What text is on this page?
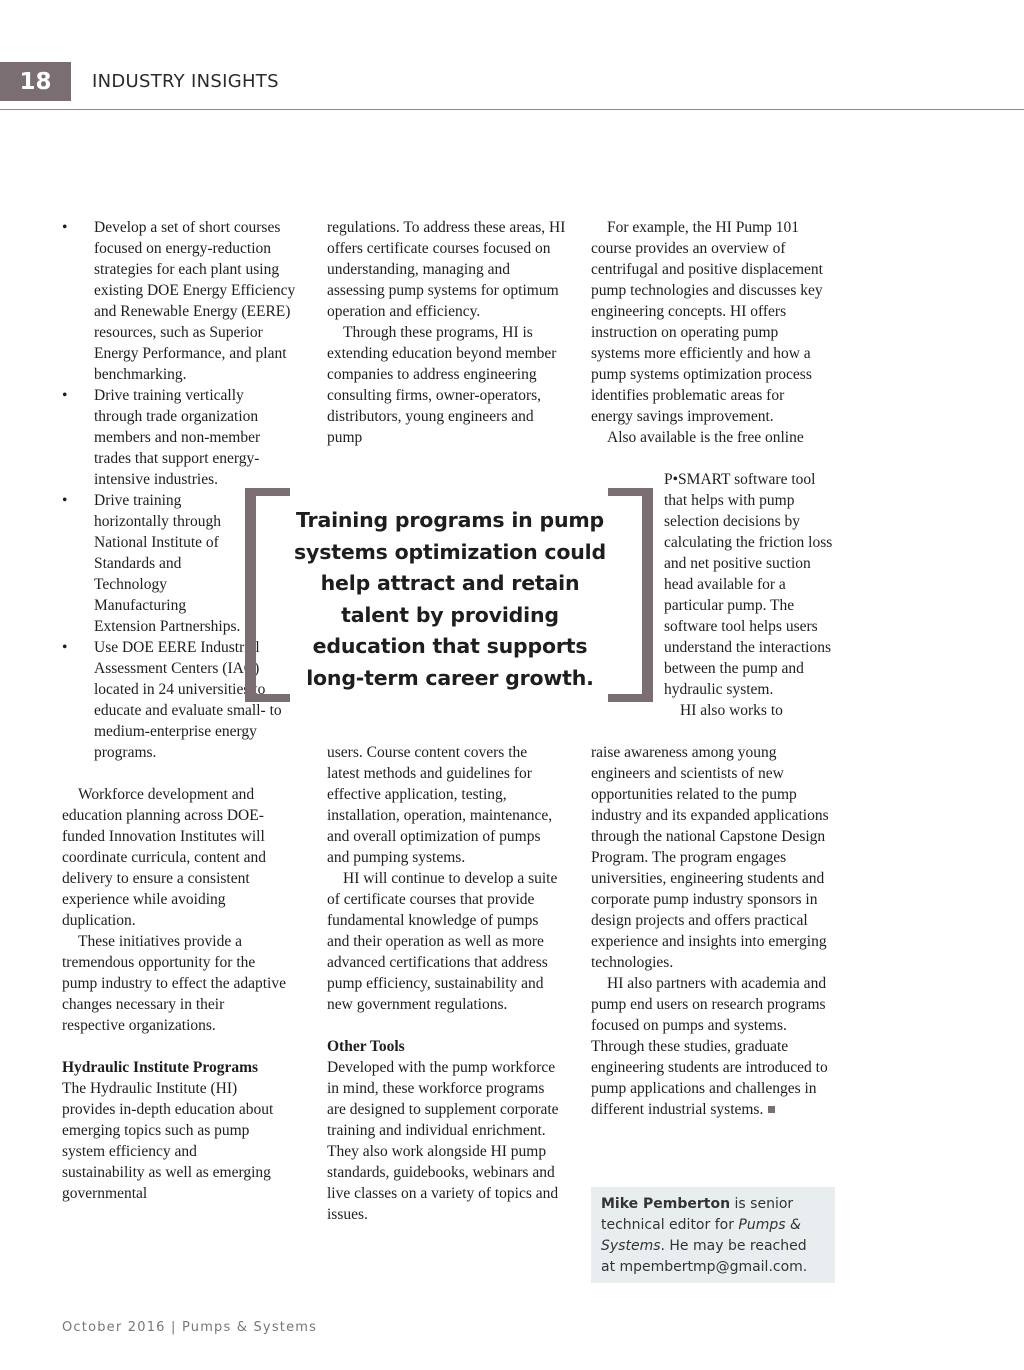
18	INDUSTRY INSIGHTS
• Develop a set of short courses focused on energy-reduction strategies for each plant using existing DOE Energy Efficiency and Renewable Energy (EERE) resources, such as Superior Energy Performance, and plant benchmarking.
• Drive training vertically through trade organization members and non-member trades that support energy-intensive industries.
• Drive training horizontally through National Institute of Standards and Technology Manufacturing Extension Partnerships.
• Use DOE EERE Industrial Assessment Centers (IAC) located in 24 universities to educate and evaluate small- to medium-enterprise energy programs.

Workforce development and education planning across DOE-funded Innovation Institutes will coordinate curricula, content and delivery to ensure a consistent experience while avoiding duplication.

These initiatives provide a tremendous opportunity for the pump industry to effect the adaptive changes necessary in their respective organizations.

Hydraulic Institute Programs

The Hydraulic Institute (HI) provides in-depth education about emerging topics such as pump system efficiency and sustainability as well as emerging governmental

regulations. To address these areas, HI offers certificate courses focused on understanding, managing and assessing pump systems for optimum operation and efficiency.

Through these programs, HI is extending education beyond member companies to address engineering consulting firms, owner-operators, distributors, young engineers and pump

users. Course content covers the latest methods and guidelines for effective application, testing, installation, operation, maintenance, and overall optimization of pumps and pumping systems.

HI will continue to develop a suite of certificate courses that provide fundamental knowledge of pumps and their operation as well as more advanced certifications that address pump efficiency, sustainability and new government regulations.

Other Tools

Developed with the pump workforce in mind, these workforce programs are designed to supplement corporate training and individual enrichment. They also work alongside HI pump standards, guidebooks, webinars and live classes on a variety of topics and issues.

For example, the HI Pump 101 course provides an overview of centrifugal and positive displacement pump technologies and discusses key engineering concepts. HI offers instruction on operating pump systems more efficiently and how a pump systems optimization process identifies problematic areas for energy savings improvement.

Also available is the free online

P•SMART software tool that helps with pump selection decisions by calculating the friction loss and net positive suction head available for a particular pump. The software tool helps users understand the interactions between the pump and hydraulic system.

HI also works to

raise awareness among young engineers and scientists of new opportunities related to the pump industry and its expanded applications through the national Capstone Design Program. The program engages universities, engineering students and corporate pump industry sponsors in design projects and offers practical experience and insights into emerging technologies.

HI also partners with academia and pump end users on research programs focused on pumps and systems. Through these studies, graduate engineering students are introduced to pump applications and challenges in different industrial systems.

Training programs in pump systems optimization could help attract and retain talent by providing education that supports long-term career growth.
Mike Pemberton is senior technical editor for Pumps & Systems. He may be reached at mpembertmp@gmail.com.
October 2016 | Pumps & Systems
